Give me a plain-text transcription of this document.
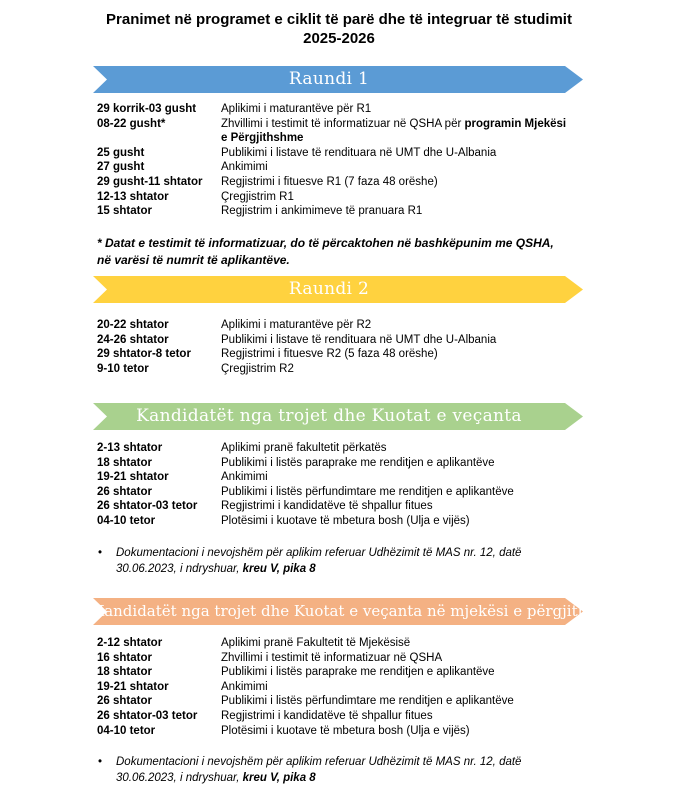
Pranimet në programet e ciklit të parë dhe të integruar të studimit
2025-2026
Raundi 1
29 korrik-03 gusht	Aplikimi i maturantëve për R1
08-22 gusht*	Zhvillimi i testimit të informatizuar në QSHA për programin Mjekësi e Përgjithshme
25 gusht	Publikimi i listave të rendituara në UMT dhe U-Albania
27 gusht	Ankimimi
29 gusht-11 shtator	Regjistrimi i fituesve R1 (7 faza 48 orëshe)
12-13 shtator	Çregjistrim R1
15 shtator	Regjistrim i ankimimeve të pranuara R1
* Datat e testimit të informatizuar, do të përcaktohen në bashkëpunim me QSHA, në varësi të numrit të aplikantëve.
Raundi 2
20-22 shtator	Aplikimi i maturantëve për R2
24-26 shtator	Publikimi i listave të rendituara në UMT dhe U-Albania
29 shtator-8 tetor	Regjistrimi i fituesve R2 (5 faza 48 orëshe)
9-10 tetor	Çregjistrim R2
Kandidatët nga trojet dhe Kuotat e veçanta
2-13 shtator	Aplikimi pranë fakultetit përkatës
18 shtator	Publikimi i listës paraprake me renditjen e aplikantëve
19-21 shtator	Ankimimi
26 shtator	Publikimi i listës përfundimtare me renditjen e aplikantëve
26 shtator-03 tetor	Regjistrimi i kandidatëve të shpallur fitues
04-10 tetor	Plotësimi i kuotave të mbetura bosh (Ulja e vijës)
• Dokumentacioni i nevojshëm për aplikim referuar Udhëzimit të MAS nr. 12, datë 30.06.2023, i ndryshuar, kreu V, pika 8
Kandidatët nga trojet dhe Kuotat e veçanta në mjekësi e përgjithshme
2-12 shtator	Aplikimi pranë Fakultetit të Mjekësisë
16 shtator	Zhvillimi i testimit të informatizuar në QSHA
18 shtator	Publikimi i listës paraprake me renditjen e aplikantëve
19-21 shtator	Ankimimi
26 shtator	Publikimi i listës përfundimtare me renditjen e aplikantëve
26 shtator-03 tetor	Regjistrimi i kandidatëve të shpallur fitues
04-10 tetor	Plotësimi i kuotave të mbetura bosh (Ulja e vijës)
• Dokumentacioni i nevojshëm për aplikim referuar Udhëzimit të MAS nr. 12, datë 30.06.2023, i ndryshuar, kreu V, pika 8
